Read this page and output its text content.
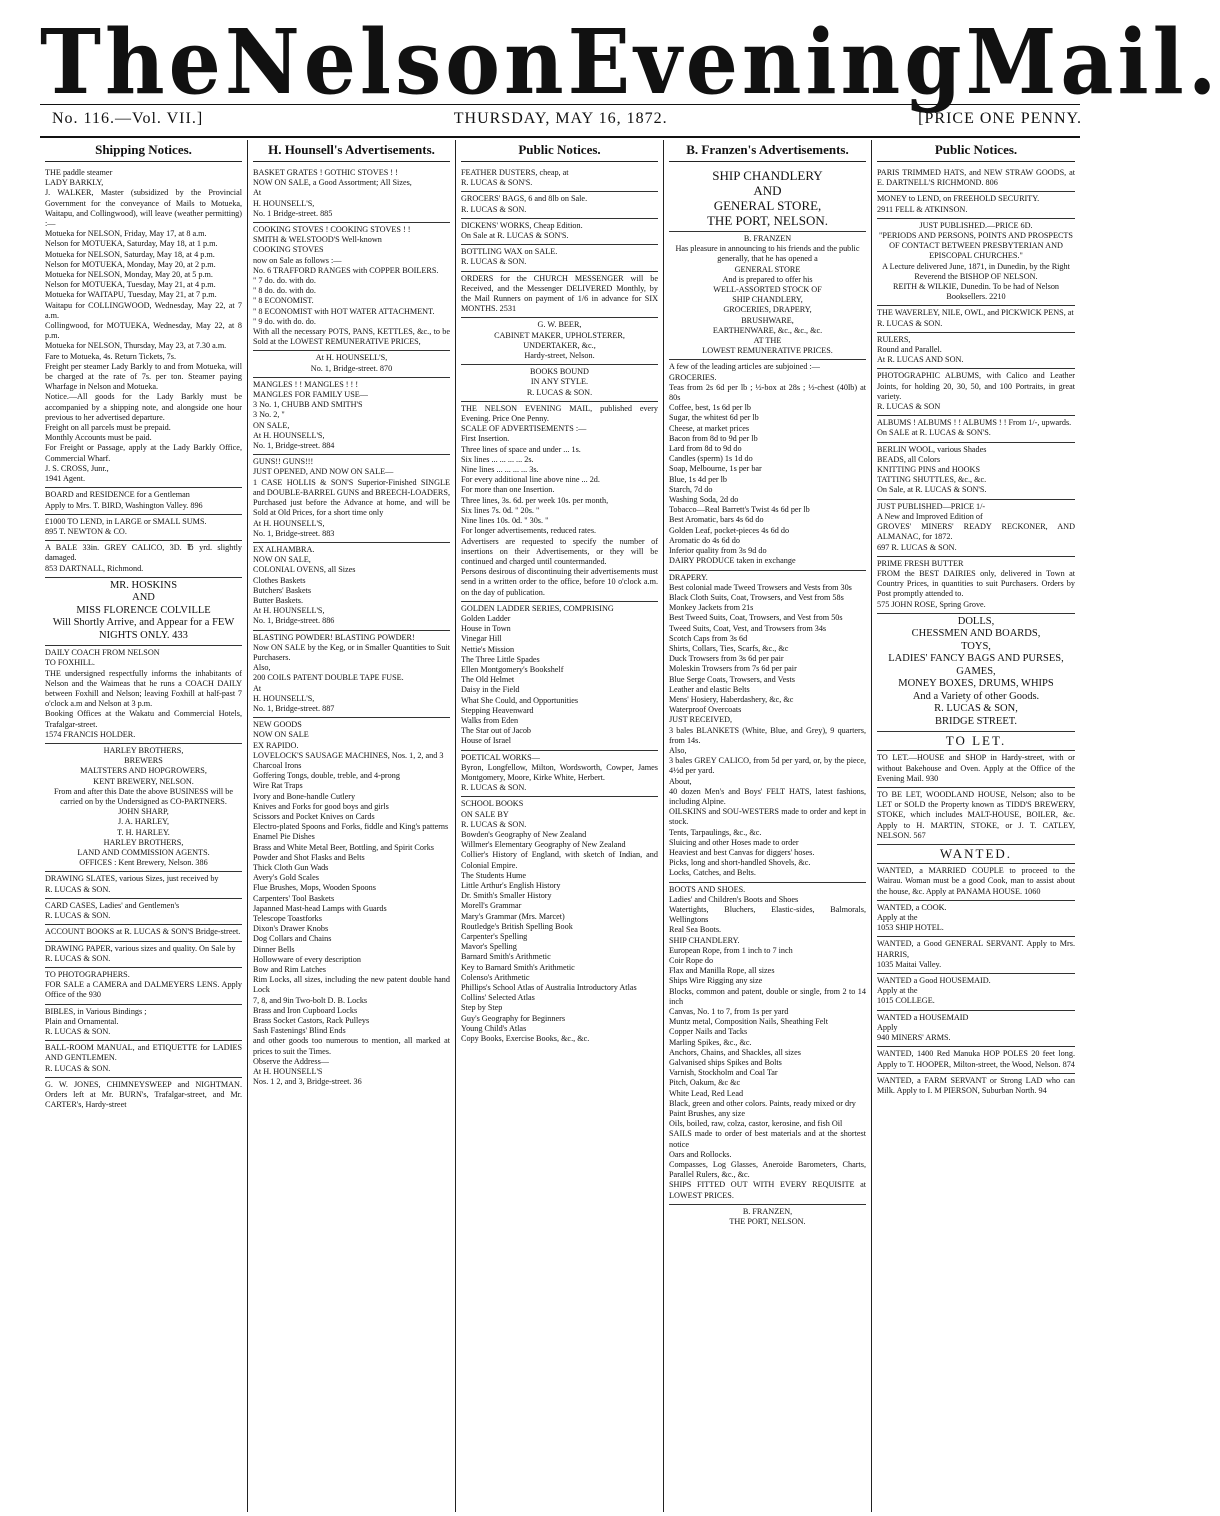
The Nelson Evening Mail.
No. 116.—Vol. VII.]	THURSDAY, MAY 16, 1872.	[PRICE ONE PENNY.
Shipping Notices.
THE paddle steamer
LADY BARKLY,
J. WALKER, Master (subsidized by the Provincial Government for the conveyance of Mails to Motueka, Waitapu, and Collingwood), will leave (weather permitting) :—
Motueka for NELSON, Friday, May 17, at 8 a.m.
Nelson for MOTUEKA, Saturday, May 18, at 1 p.m.
Motueka for NELSON, Saturday, May 18, at 4 p.m.
Nelson for MOTUEKA, Monday, May 20, at 2 p.m.
Motueka for NELSON, Monday, May 20, at 5 p.m.
Nelson for MOTUEKA, Tuesday, May 21, at 4 p.m.
Motueka for WAITAPU, Tuesday, May 21, at 7 p.m.
Waitapu for COLLINGWOOD, Wednesday, May 22, at 7 a.m.
Collingwood, for MOTUEKA, Wednesday, May 22, at 8 p.m.
Motueka for NELSON, Thursday, May 23, at 7.30 a.m.
Fare to Motueka, 4s. Return Tickets, 7s.
Freight per steamer Lady Barkly to and from Motueka, will be charged at the rate of 7s. per ton. Steamer paying Wharfage in Nelson and Motueka.
Notice.—All goods for the Lady Barkly must be accompanied by a shipping note, and alongside one hour previous to her advertised departure.
Freight on all parcels must be prepaid.
Monthly Accounts must be paid.
For Freight or Passage, apply at the Lady Barkly Office, Commercial Wharf.
J. S. CROSS, Junr.,
1941 Agent.
BOARD and RESIDENCE for a Gentleman
Apply to Mrs. T. BIRD, Washington Valley. 896
£1000 TO LEND, in LARGE or SMALL SUMS.
895 T. NEWTON & CO.
A BALE 33in. GREY CALICO, 3D. ℔ yrd. slightly damaged.
853 DARTNALL, Richmond.
MR. HOSKINS
AND
MISS FLORENCE COLVILLE
Will Shortly Arrive, and Appear for a FEW NIGHTS ONLY. 433
DAILY COACH FROM NELSON
TO FOXHILL.
THE undersigned respectfully informs the inhabitants of Nelson and the Waimeas that he runs a COACH DAILY between Foxhill and Nelson; leaving Foxhill at half-past 7 o'clock a.m and Nelson at 3 p.m.
Booking Offices at the Wakatu and Commercial Hotels, Trafalgar-street.
1574 FRANCIS HOLDER.
HARLEY BROTHERS,
BREWERS
MALTSTERS AND HOPGROWERS,
KENT BREWERY, NELSON.
From and after this Date the above BUSINESS will be carried on by the Undersigned as CO-PARTNERS.
JOHN SHARP,
J. A. HARLEY,
T. H. HARLEY.
HARLEY BROTHERS,
LAND AND COMMISSION AGENTS.
OFFICES : Kent Brewery, Nelson. 386
DRAWING SLATES, various Sizes, just received by
R. LUCAS & SON.
CARD CASES, Ladies' and Gentlemen's
R. LUCAS & SON.
ACCOUNT BOOKS at R. LUCAS & SON'S Bridge-street.
DRAWING PAPER, various sizes and quality. On Sale by
R. LUCAS & SON.
TO PHOTOGRAPHERS.
FOR SALE a CAMERA and DALMEYERS LENS. Apply Office of the 930
BIBLES, in Various Bindings ;
Plain and Ornamental.
R. LUCAS & SON.
BALL-ROOM MANUAL, and ETIQUETTE for LADIES AND GENTLEMEN.
R. LUCAS & SON.
G. W. JONES, CHIMNEYSWEEP and NIGHTMAN. Orders left at Mr. BURN's, Trafalgar-street, and Mr. CARTER's, Hardy-street
H. Hounsell's Advertisements.
BASKET GRATES ! GOTHIC STOVES ! !
NOW ON SALE, a Good Assortment; All Sizes,
At
H. HOUNSELL'S,
No. 1 Bridge-street. 885
COOKING STOVES ! COOKING STOVES ! !
SMITH & WELSTOOD'S Well-known
COOKING STOVES
now on Sale as follows :—
No. 6 TRAFFORD RANGES with COPPER BOILERS.
" 7 do. do. with do.
" 8 do. do. with do.
" 8 ECONOMIST.
" 8 ECONOMIST with HOT WATER ATTACHMENT.
" 9 do. with do. do.
With all the necessary POTS, PANS, KETTLES, &c., to be Sold at the LOWEST REMUNERATIVE PRICES,
At H. HOUNSELL'S,
No. 1, Bridge-street. 870
MANGLES ! ! MANGLES ! ! !
MANGLES FOR FAMILY USE—
3 No. 1, CHUBB AND SMITH'S
3 No. 2, "
ON SALE,
At H. HOUNSELL'S,
No. 1, Bridge-street. 884
GUNS!! GUNS!!!
JUST OPENED, AND NOW ON SALE—
1 CASE HOLLIS & SON'S Superior-Finished SINGLE and DOUBLE-BARREL GUNS and BREECH-LOADERS, Purchased just before the Advance at home, and will be Sold at Old Prices, for a short time only
At H. HOUNSELL'S,
No. 1, Bridge-street. 883
EX ALHAMBRA.
NOW ON SALE,
COLONIAL OVENS, all Sizes
Clothes Baskets
Butchers' Baskets
Butter Baskets.
At H. HOUNSELL'S,
No. 1, Bridge-street. 886
BLASTING POWDER! BLASTING POWDER!
Now ON SALE by the Keg, or in Smaller Quantities to Suit Purchasers.
Also,
200 COILS PATENT DOUBLE TAPE FUSE.
At
H. HOUNSELL'S,
No. 1, Bridge-street. 887
NEW GOODS
NOW ON SALE
EX RAPIDO.
LOVELOCK'S SAUSAGE MACHINES, Nos. 1, 2, and 3
Charcoal Irons
Goffering Tongs, double, treble, and 4-prong
Wire Rat Traps
Ivory and Bone-handle Cutlery
Knives and Forks for good boys and girls
Scissors and Pocket Knives on Cards
Electro-plated Spoons and Forks, fiddle and King's patterns
Enamel Pie Dishes
Brass and White Metal Beer, Bottling, and Spirit Corks
Powder and Shot Flasks and Belts
Thick Cloth Gun Wads
Avery's Gold Scales
Flue Brushes, Mops, Wooden Spoons
Carpenters' Tool Baskets
Japanned Mast-head Lamps with Guards
Telescope Toastforks
Dixon's Drawer Knobs
Dog Collars and Chains
Dinner Bells
Hollowware of every description
Bow and Rim Latches
Rim Locks, all sizes, including the new patent double hand Lock
7, 8, and 9in Two-bolt D. B. Locks
Brass and Iron Cupboard Locks
Brass Socket Castors, Rack Pulleys
Sash Fastenings' Blind Ends
and other goods too numerous to mention, all marked at prices to suit the Times.
Observe the Address—
At H. HOUNSELL'S
Nos. 1 2, and 3, Bridge-street. 36
Public Notices.
FEATHER DUSTERS, cheap, at
R. LUCAS & SON'S.
GROCERS' BAGS, 6 and 8lb on Sale.
R. LUCAS & SON.
DICKENS' WORKS, Cheap Edition.
On Sale at R. LUCAS & SON'S.
BOTTLING WAX on SALE.
R. LUCAS & SON.
ORDERS for the CHURCH MESSENGER will be Received, and the Messenger DELIVERED Monthly, by the Mail Runners on payment of 1/6 in advance for SIX MONTHS. 2531
G. W. BEER,
CABINET MAKER, UPHOLSTERER,
UNDERTAKER, &c.,
Hardy-street, Nelson.
BOOKS BOUND
IN ANY STYLE.
R. LUCAS & SON.
THE NELSON EVENING MAIL, published every Evening. Price One Penny.
SCALE OF ADVERTISEMENTS :—
First Insertion.
Three lines of space and under ... 1s.
Six lines ... ... ... ... 2s.
Nine lines ... ... ... ... 3s.
For every additional line above nine ... 2d.
For more than one Insertion.
Three lines, 3s. 6d. per week 10s. per month,
Six lines 7s. 0d. " 20s. "
Nine lines 10s. 0d. " 30s. "
For longer advertisements, reduced rates.
Advertisers are requested to specify the number of insertions on their Advertisements, or they will be continued and charged until countermanded.
Persons desirous of discontinuing their advertisements must send in a written order to the office, before 10 o'clock a.m. on the day of publication.
GOLDEN LADDER SERIES, COMPRISING
Golden Ladder
House in Town
Vinegar Hill
Nettie's Mission
The Three Little Spades
Ellen Montgomery's Bookshelf
The Old Helmet
Daisy in the Field
What She Could, and Opportunities
Stepping Heavenward
Walks from Eden
The Star out of Jacob
House of Israel
POETICAL WORKS—
Byron, Longfellow, Milton, Wordsworth, Cowper, James Montgomery, Moore, Kirke White, Herbert.
R. LUCAS & SON.
SCHOOL BOOKS
ON SALE BY
R. LUCAS & SON.
Bowden's Geography of New Zealand
Willmer's Elementary Geography of New Zealand
Collier's History of England, with sketch of Indian, and Colonial Empire.
The Students Hume
Little Arthur's English History
Dr. Smith's Smaller History
Morell's Grammar
Mary's Grammar (Mrs. Marcet)
Routledge's British Spelling Book
Carpenter's Spelling
Mavor's Spelling
Barnard Smith's Arithmetic
Key to Barnard Smith's Arithmetic
Colenso's Arithmetic
Phillips's School Atlas of Australia Introductory Atlas
Collins' Selected Atlas
Step by Step
Guy's Geography for Beginners
Young Child's Atlas
Copy Books, Exercise Books, &c., &c.
B. Franzen's Advertisements.
SHIP CHANDLERY
AND
GENERAL STORE,
THE PORT, NELSON.
B. FRANZEN
Has pleasure in announcing to his friends and the public generally, that he has opened a
GENERAL STORE
And is prepared to offer his
WELL-ASSORTED STOCK OF
SHIP CHANDLERY,
GROCERIES, DRAPERY,
BRUSHWARE,
EARTHENWARE, &c., &c., &c.
AT THE
LOWEST REMUNERATIVE PRICES.
A few of the leading articles are subjoined :—
GROCERIES.
Teas from 2s 6d per lb ; ½-box at 28s ; ½-chest (40lb) at 80s
Coffee, best, 1s 6d per lb
Sugar, the whitest 6d per lb
Cheese, at market prices
Bacon from 8d to 9d per lb
Lard from 8d to 9d do
Candles (sperm) 1s 1d do
Soap, Melbourne, 1s per bar
Blue, 1s 4d per lb
Starch, 7d do
Washing Soda, 2d do
Tobacco—Real Barrett's Twist 4s 6d per lb
Best Aromatic, bars 4s 6d do
Golden Leaf, pocket-pieces 4s 6d do
Aromatic do 4s 6d do
Inferior quality from 3s 9d do
DAIRY PRODUCE taken in exchange
DRAPERY.
Best colonial made Tweed Trowsers and Vests from 30s
Black Cloth Suits, Coat, Trowsers, and Vest from 58s
Monkey Jackets from 21s
Best Tweed Suits, Coat, Trowsers, and Vest from 50s
Tweed Suits, Coat, Vest, and Trowsers from 34s
Scotch Caps from 3s 6d
Shirts, Collars, Ties, Scarfs, &c., &c
Duck Trowsers from 3s 6d per pair
Moleskin Trowsers from 7s 6d per pair
Blue Serge Coats, Trowsers, and Vests
Leather and elastic Belts
Mens' Hosiery, Haberdashery, &c, &c
Waterproof Overcoats
JUST RECEIVED,
3 bales BLANKETS (White, Blue, and Grey), 9 quarters, from 14s.
Also,
3 bales GREY CALICO, from 5d per yard, or, by the piece, 4½d per yard.
About,
40 dozen Men's and Boys' FELT HATS, latest fashions, including Alpine.
OILSKINS and SOU-WESTERS made to order and kept in stock.
Tents, Tarpaulings, &c., &c.
Sluicing and other Hoses made to order
Heaviest and best Canvas for diggers' hoses.
Picks, long and short-handled Shovels, &c.
Locks, Catches, and Belts.
BOOTS AND SHOES.
Ladies' and Children's Boots and Shoes
Watertights, Bluchers, Elastic-sides, Balmorals, Wellingtons
Real Sea Boots.
SHIP CHANDLERY.
European Rope, from 1 inch to 7 inch
Coir Rope do
Flax and Manilla Rope, all sizes
Ships Wire Rigging any size
Blocks, common and patent, double or single, from 2 to 14 inch
Canvas, No. 1 to 7, from 1s per yard
Muntz metal, Composition Nails, Sheathing Felt
Copper Nails and Tacks
Marling Spikes, &c., &c.
Anchors, Chains, and Shackles, all sizes
Galvanised ships Spikes and Bolts
Varnish, Stockholm and Coal Tar
Pitch, Oakum, &c &c
White Lead, Red Lead
Black, green and other colors. Paints, ready mixed or dry
Paint Brushes, any size
Oils, boiled, raw, colza, castor, kerosine, and fish Oil
SAILS made to order of best materials and at the shortest notice
Oars and Rollocks.
Compasses, Log Glasses, Aneroide Barometers, Charts, Parallel Rulers, &c., &c.
SHIPS FITTED OUT WITH EVERY REQUISITE at LOWEST PRICES.
B. FRANZEN,
THE PORT, NELSON.
Public Notices.
PARIS TRIMMED HATS, and NEW STRAW GOODS, at E. DARTNELL'S RICHMOND. 806
MONEY to LEND, on FREEHOLD SECURITY.
2911 FELL & ATKINSON.
JUST PUBLISHED.—PRICE 6D.
"PERIODS AND PERSONS, POINTS AND PROSPECTS OF CONTACT BETWEEN PRESBYTERIAN AND EPISCOPAL CHURCHES."
A Lecture delivered June, 1871, in Dunedin, by the Right Reverend the BISHOP OF NELSON.
REITH & WILKIE, Dunedin. To be had of Nelson Booksellers. 2210
THE WAVERLEY, NILE, OWL, and PICKWICK PENS, at
R. LUCAS & SON.
RULERS,
Round and Parallel.
At R. LUCAS AND SON.
PHOTOGRAPHIC ALBUMS, with Calico and Leather Joints, for holding 20, 30, 50, and 100 Portraits, in great variety.
R. LUCAS & SON
ALBUMS ! ALBUMS ! ! ALBUMS ! ! From 1/-, upwards.
On SALE at R. LUCAS & SON'S.
BERLIN WOOL, various Shades
BEADS, all Colors
KNITTING PINS and HOOKS
TATTING SHUTTLES, &c., &c.
On Sale, at R. LUCAS & SON'S.
JUST PUBLISHED—PRICE 1/-
A New and Improved Edition of
GROVES' MINERS' READY RECKONER, AND ALMANAC, for 1872.
697 R. LUCAS & SON.
PRIME FRESH BUTTER
FROM the BEST DAIRIES only, delivered in Town at Country Prices, in quantities to suit Purchasers. Orders by Post promptly attended to.
575 JOHN ROSE, Spring Grove.
DOLLS,
CHESSMEN AND BOARDS,
TOYS,
LADIES' FANCY BAGS AND PURSES,
GAMES,
MONEY BOXES, DRUMS, WHIPS
And a Variety of other Goods.
R. LUCAS & SON,
BRIDGE STREET.
TO LET.
TO LET.—HOUSE and SHOP in Hardy-street, with or without Bakehouse and Oven. Apply at the Office of the Evening Mail. 930
TO BE LET, WOODLAND HOUSE, Nelson; also to be LET or SOLD the Property known as TIDD'S BREWERY, STOKE, which includes MALT-HOUSE, BOILER, &c. Apply to H. MARTIN, STOKE, or J. T. CATLEY, NELSON. 567
WANTED.
WANTED, a MARRIED COUPLE to proceed to the Wairau. Woman must be a good Cook, man to assist about the house, &c. Apply at PANAMA HOUSE. 1060
WANTED, a COOK.
Apply at the
1053 SHIP HOTEL.
WANTED, a Good GENERAL SERVANT. Apply to Mrs. HARRIS,
1035 Maitai Valley.
WANTED a Good HOUSEMAID.
Apply at the
1015 COLLEGE.
WANTED a HOUSEMAID
Apply
940 MINERS' ARMS.
WANTED, 1400 Red Manuka HOP POLES 20 feet long. Apply to T. HOOPER, Milton-street, the Wood, Nelson. 874
WANTED, a FARM SERVANT or Strong LAD who can Milk. Apply to I. M PIERSON, Suburban North. 94
